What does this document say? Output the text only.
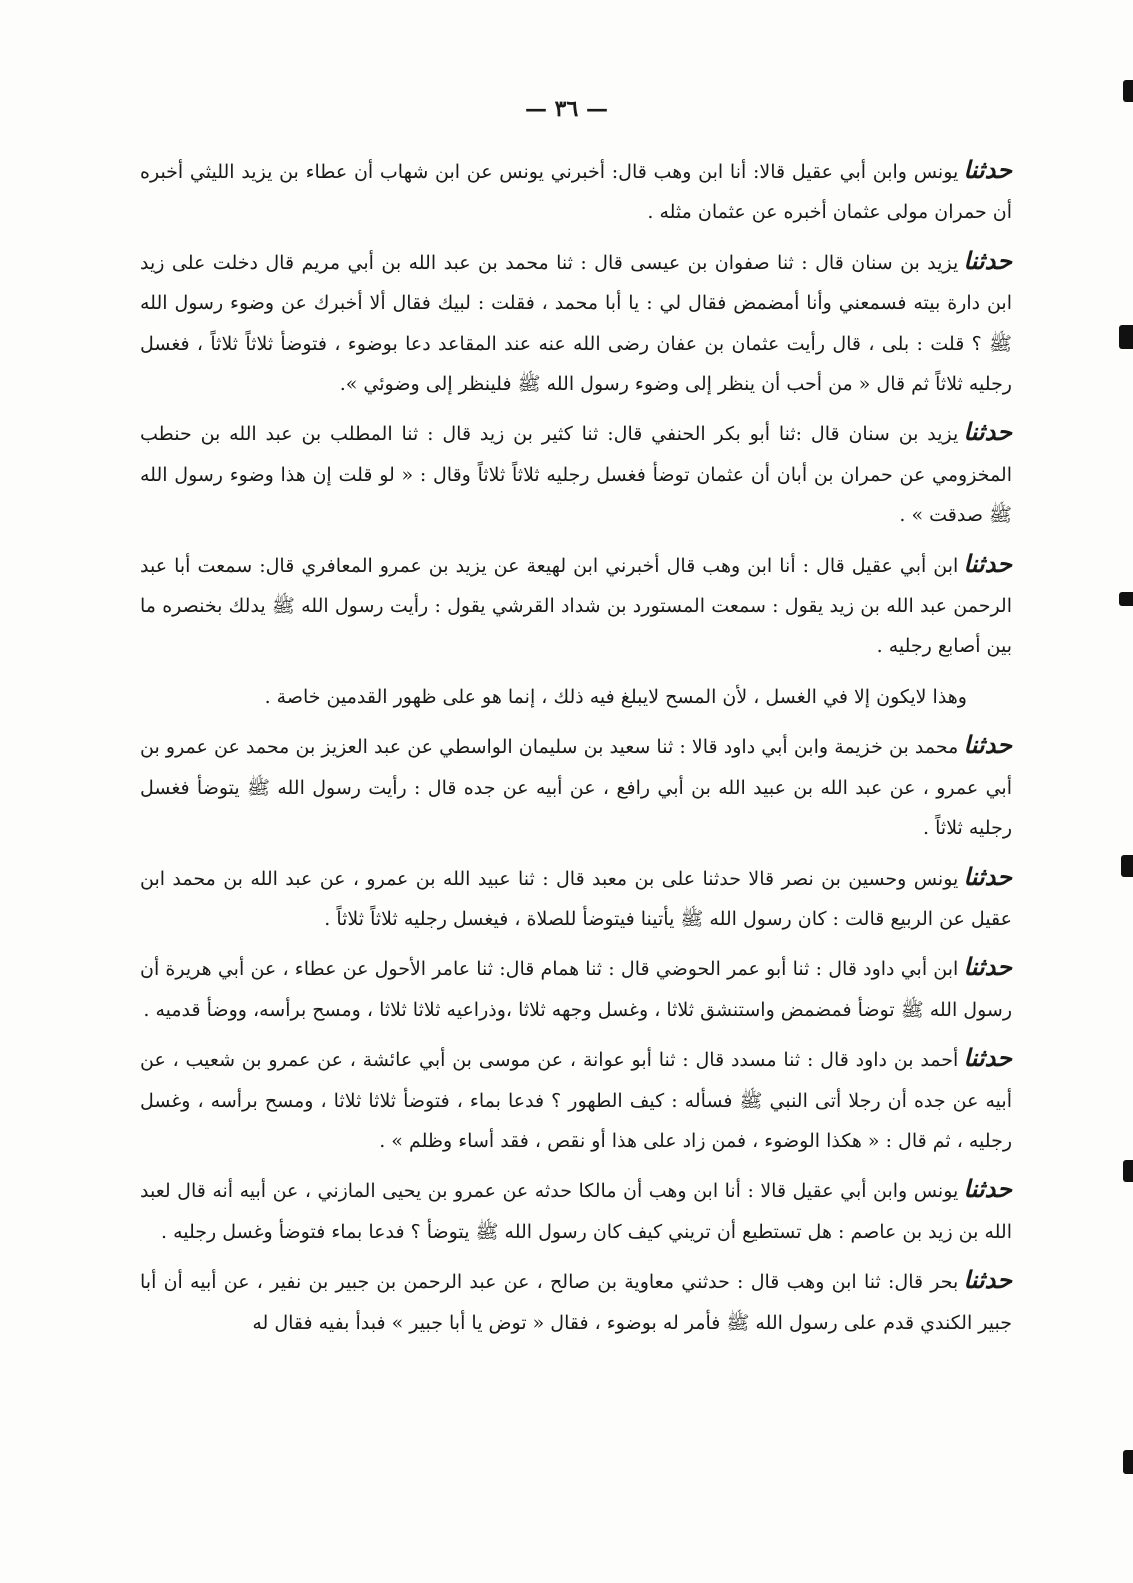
— ٣٦ —

حدثنايونس وابن أبي عقيل قالا: أنا ابن وهب قال: أخبرني يونس عن ابن شهاب أن عطاء بن يزيد الليثي أخبره أن حمران مولى عثمان أخبره عن عثمان مثله .

حدثنايزيد بن سنان قال : ثنا صفوان بن عيسى قال : ثنا محمد بن عبد الله بن أبي مريم قال دخلت على زيد ابن دارة بيته فسمعني وأنا أمضمض فقال لي : يا أبا محمد ، فقلت : لبيك فقال ألا أخبرك عن وضوء رسول الله ﷺ ؟ قلت : بلى ، قال رأيت عثمان بن عفان رضى الله عنه عند المقاعد دعا بوضوء ، فتوضأ ثلاثاً ثلاثاً ، فغسل رجليه ثلاثاً ثم قال « من أحب أن ينظر إلى وضوء رسول الله ﷺ فلينظر إلى وضوئي ».

حدثنايزيد بن سنان قال :ثنا أبو بكر الحنفي قال: ثنا كثير بن زيد قال : ثنا المطلب بن عبد الله بن حنطب المخزومي عن حمران بن أبان أن عثمان توضأ فغسل رجليه ثلاثاً ثلاثاً وقال : « لو قلت إن هذا وضوء رسول الله ﷺ صدقت » .

حدثناابن أبي عقيل قال : أنا ابن وهب قال أخبرني ابن لهيعة عن يزيد بن عمرو المعافري قال: سمعت أبا عبد الرحمن عبد الله بن زيد يقول : سمعت المستورد بن شداد القرشي يقول : رأيت رسول الله ﷺ يدلك بخنصره ما بين أصابع رجليه .

وهذا لايكون إلا في الغسل ، لأن المسح لايبلغ فيه ذلك ، إنما هو على ظهور القدمين خاصة .

حدثنامحمد بن خزيمة وابن أبي داود قالا : ثنا سعيد بن سليمان الواسطي عن عبد العزيز بن محمد عن عمرو بن أبي عمرو ، عن عبد الله بن عبيد الله بن أبي رافع ، عن أبيه عن جده قال : رأيت رسول الله ﷺ يتوضأ فغسل رجليه ثلاثاً .

حدثنايونس وحسين بن نصر قالا حدثنا على بن معبد قال : ثنا عبيد الله بن عمرو ، عن عبد الله بن محمد ابن عقيل عن الربيع قالت : كان رسول الله ﷺ يأتينا فيتوضأ للصلاة ، فيغسل رجليه ثلاثاً ثلاثاً .

حدثناابن أبي داود قال : ثنا أبو عمر الحوضي قال : ثنا همام قال: ثنا عامر الأحول عن عطاء ، عن أبي هريرة أن رسول الله ﷺ توضأ فمضمض واستنشق ثلاثا ، وغسل وجهه ثلاثا ،وذراعيه ثلاثا ثلاثا ، ومسح برأسه، ووضأ قدميه .

حدثناأحمد بن داود قال : ثنا مسدد قال : ثنا أبو عوانة ، عن موسى بن أبي عائشة ، عن عمرو بن شعيب ، عن أبيه عن جده أن رجلا أتى النبي ﷺ فسأله : كيف الطهور ؟ فدعا بماء ، فتوضأ ثلاثا ثلاثا ، ومسح برأسه ، وغسل رجليه ، ثم قال : « هكذا الوضوء ، فمن زاد على هذا أو نقص ، فقد أساء وظلم » .

حدثنايونس وابن أبي عقيل قالا : أنا ابن وهب أن مالكا حدثه عن عمرو بن يحيى المازني ، عن أبيه أنه قال لعبد الله بن زيد بن عاصم : هل تستطيع أن تريني كيف كان رسول الله ﷺ يتوضأ ؟ فدعا بماء فتوضأ وغسل رجليه .

حدثنابحر قال: ثنا ابن وهب قال : حدثني معاوية بن صالح ، عن عبد الرحمن بن جبير بن نفير ، عن أبيه أن أبا جبير الكندي قدم على رسول الله ﷺ فأمر له بوضوء ، فقال « توض يا أبا جبير » فبدأ بفيه فقال له
